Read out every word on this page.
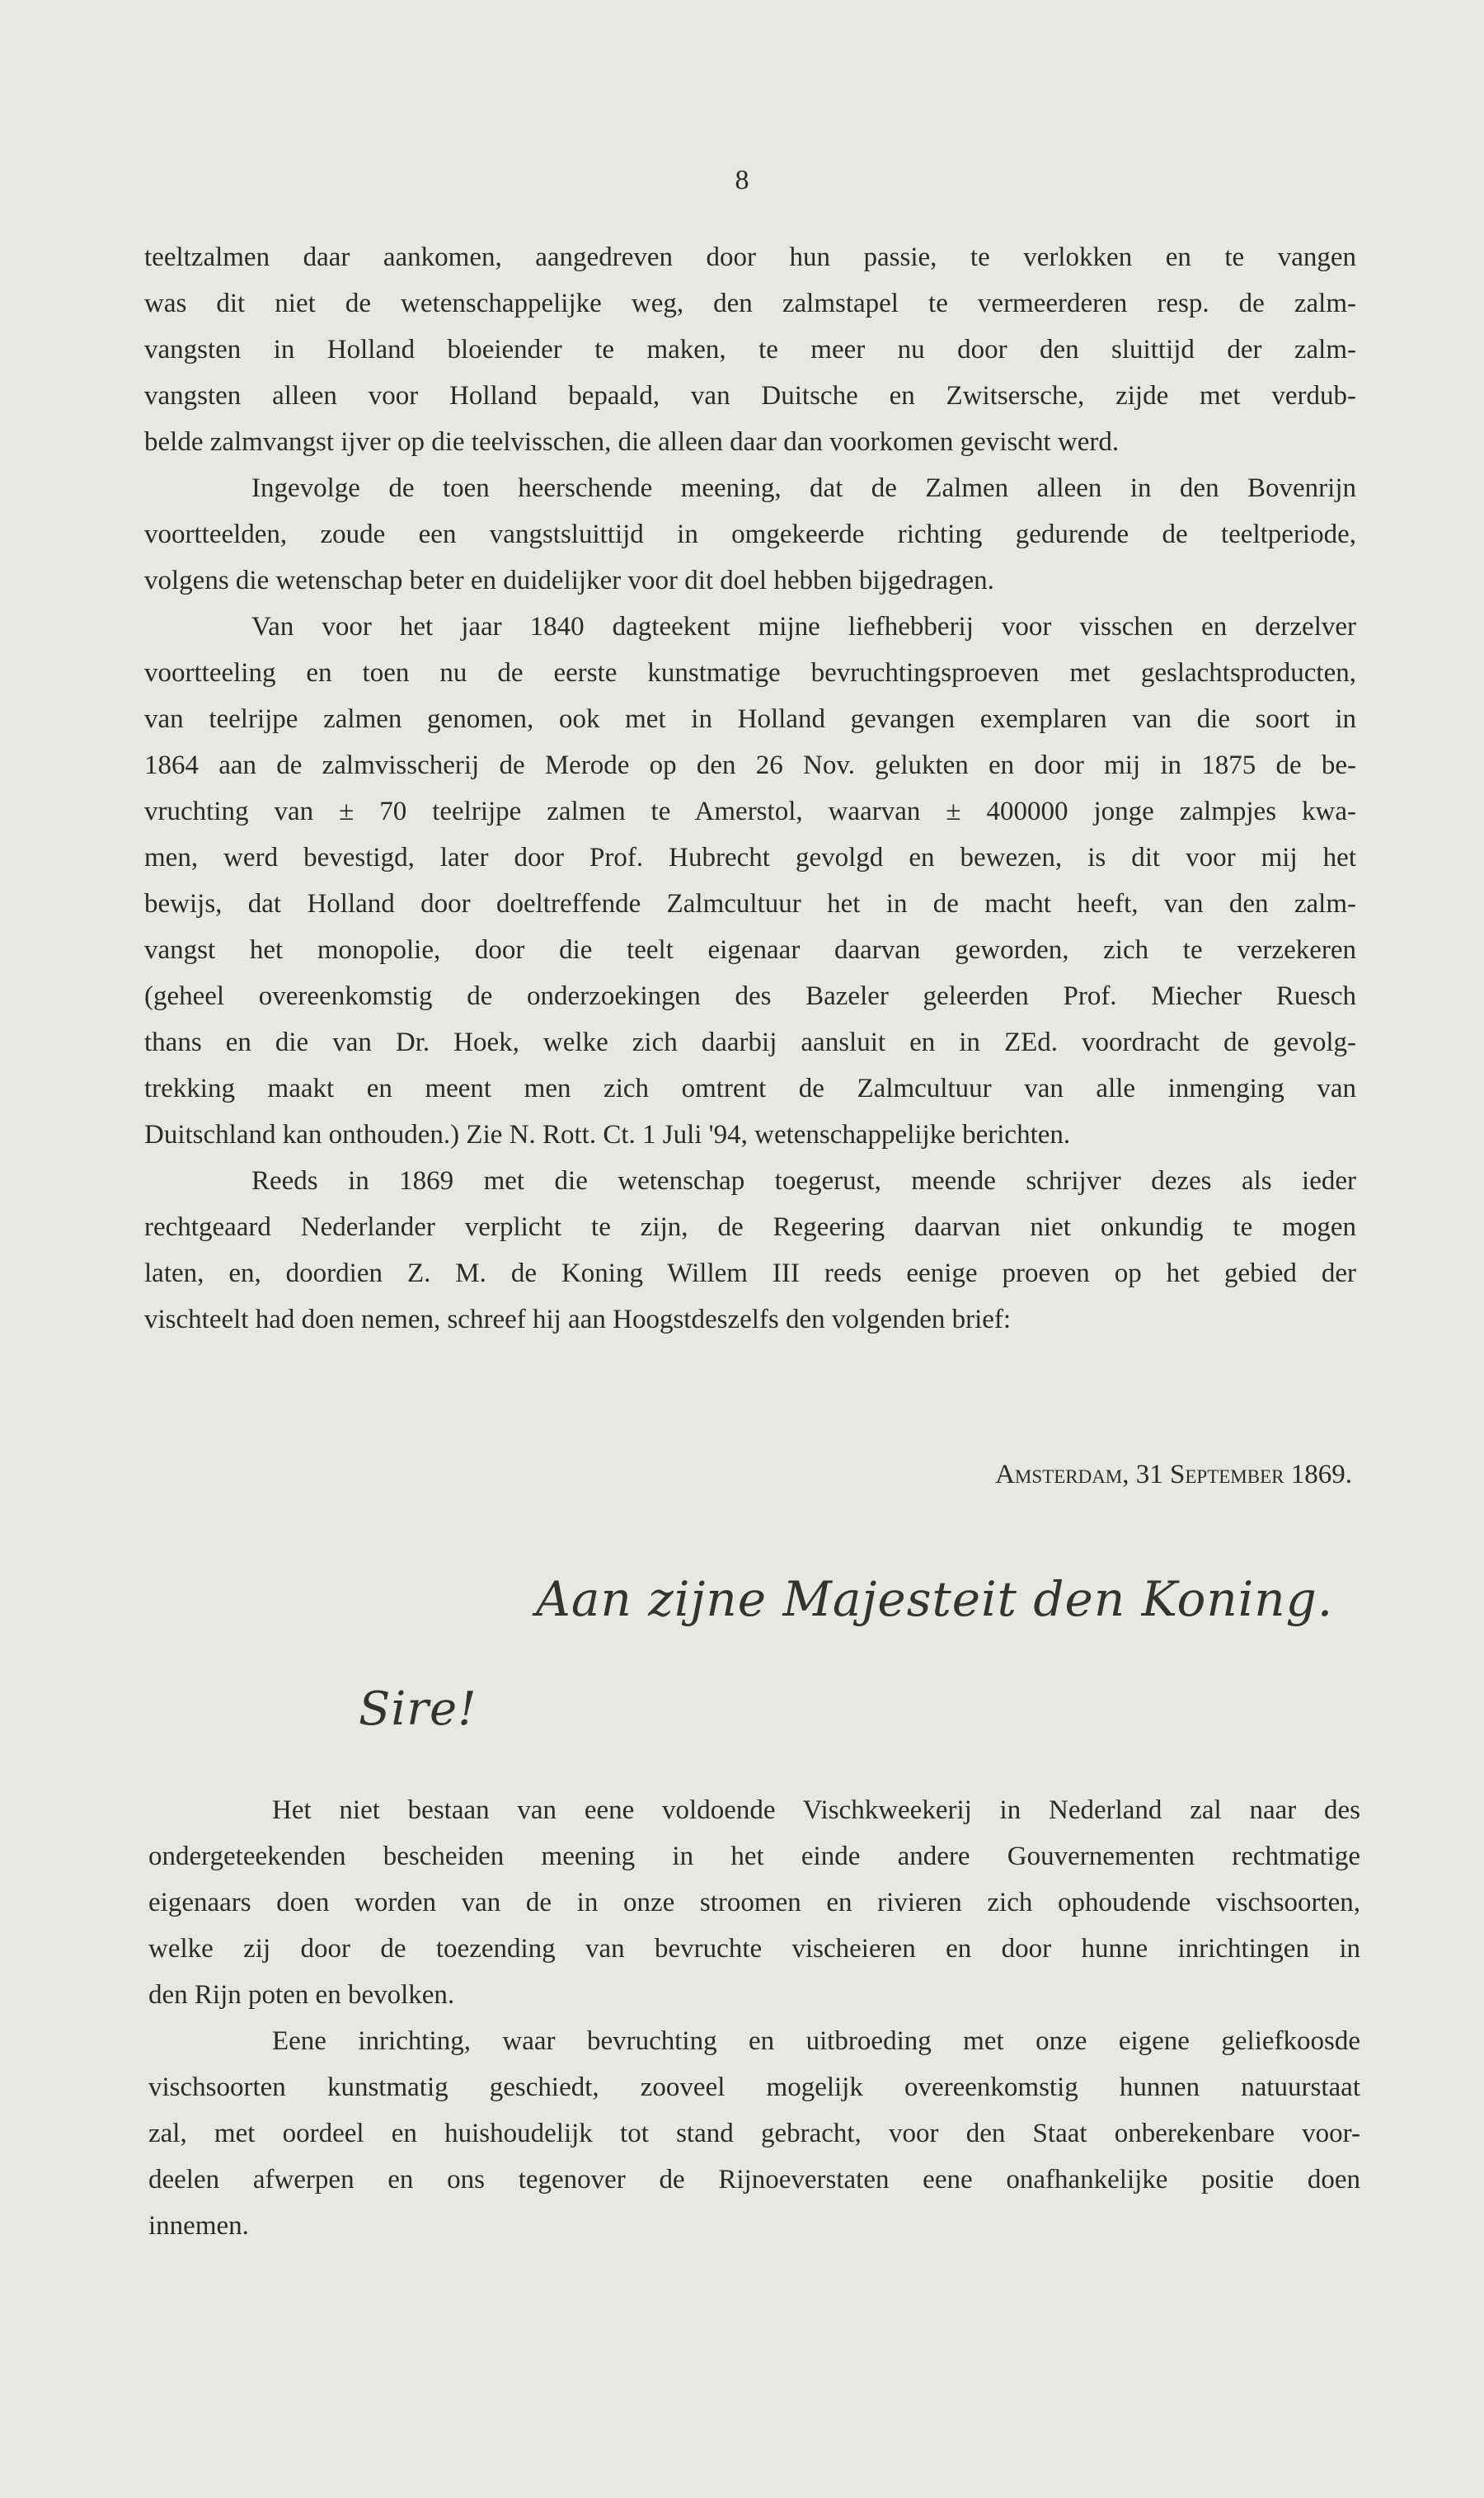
8
teeltzalmen daar aankomen, aangedreven door hun passie, te verlokken en te vangen
was dit niet de wetenschappelijke weg, den zalmstapel te vermeerderen resp. de zalm-
vangsten in Holland bloeiender te maken, te meer nu door den sluittijd der zalm-
vangsten alleen voor Holland bepaald, van Duitsche en Zwitsersche, zijde met verdub-
belde zalmvangst ijver op die teelvisschen, die alleen daar dan voorkomen gevischt werd.
Ingevolge de toen heerschende meening, dat de Zalmen alleen in den Bovenrijn
voortteelden, zoude een vangstsluittijd in omgekeerde richting gedurende de teeltperiode,
volgens die wetenschap beter en duidelijker voor dit doel hebben bijgedragen.
Van voor het jaar 1840 dagteekent mijne liefhebberij voor visschen en derzelver
voortteeling en toen nu de eerste kunstmatige bevruchtingsproeven met geslachtsproducten,
van teelrijpe zalmen genomen, ook met in Holland gevangen exemplaren van die soort in
1864 aan de zalmvisscherij de Merode op den 26 Nov. gelukten en door mij in 1875 de be-
vruchting van ± 70 teelrijpe zalmen te Amerstol, waarvan ± 400000 jonge zalmpjes kwa-
men, werd bevestigd, later door Prof. Hubrecht gevolgd en bewezen, is dit voor mij het
bewijs, dat Holland door doeltreffende Zalmcultuur het in de macht heeft, van den zalm-
vangst het monopolie, door die teelt eigenaar daarvan geworden, zich te verzekeren
(geheel overeenkomstig de onderzoekingen des Bazeler geleerden Prof. Miecher Ruesch
thans en die van Dr. Hoek, welke zich daarbij aansluit en in ZEd. voordracht de gevolg-
trekking maakt en meent men zich omtrent de Zalmcultuur van alle inmenging van
Duitschland kan onthouden.) Zie N. Rott. Ct. 1 Juli '94, wetenschappelijke berichten.
Reeds in 1869 met die wetenschap toegerust, meende schrijver dezes als ieder
rechtgeaard Nederlander verplicht te zijn, de Regeering daarvan niet onkundig te mogen
laten, en, doordien Z. M. de Koning Willem III reeds eenige proeven op het gebied der
vischteelt had doen nemen, schreef hij aan Hoogstdeszelfs den volgenden brief:
Amsterdam, 31 September 1869.
Aan zijne Majesteit den Koning.
Sire!
Het niet bestaan van eene voldoende Vischkweekerij in Nederland zal naar des
ondergeteekenden bescheiden meening in het einde andere Gouvernementen rechtmatige
eigenaars doen worden van de in onze stroomen en rivieren zich ophoudende vischsoorten,
welke zij door de toezending van bevruchte vischeieren en door hunne inrichtingen in
den Rijn poten en bevolken.
Eene inrichting, waar bevruchting en uitbroeding met onze eigene geliefkoosde
vischsoorten kunstmatig geschiedt, zooveel mogelijk overeenkomstig hunnen natuurstaat
zal, met oordeel en huishoudelijk tot stand gebracht, voor den Staat onberekenbare voor-
deelen afwerpen en ons tegenover de Rijnoeverstaten eene onafhankelijke positie doen
innemen.
